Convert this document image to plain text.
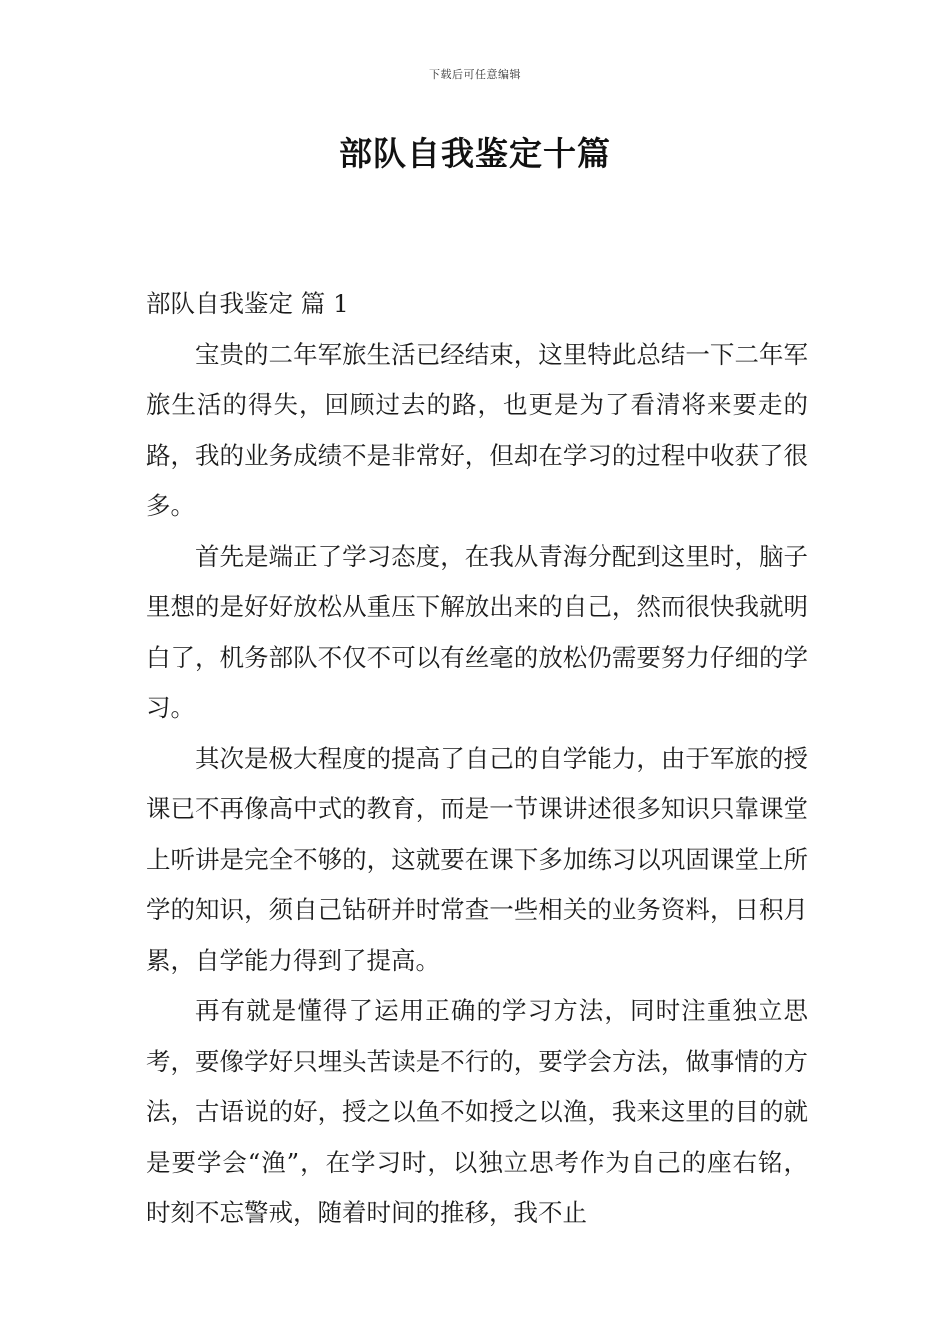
下载后可任意编辑
部队自我鉴定十篇

部队自我鉴定 篇 1

宝贵的二年军旅生活已经结束，这里特此总结一下二年军旅生活的得失，回顾过去的路，也更是为了看清将来要走的路，我的业务成绩不是非常好，但却在学习的过程中收获了很多。

首先是端正了学习态度，在我从青海分配到这里时，脑子里想的是好好放松从重压下解放出来的自己，然而很快我就明白了，机务部队不仅不可以有丝毫的放松仍需要努力仔细的学习。

其次是极大程度的提高了自己的自学能力，由于军旅的授课已不再像高中式的教育，而是一节课讲述很多知识只靠课堂上听讲是完全不够的，这就要在课下多加练习以巩固课堂上所学的知识，须自己钻研并时常查一些相关的业务资料，日积月累，自学能力得到了提高。

再有就是懂得了运用正确的学习方法，同时注重独立思考，要像学好只埋头苦读是不行的，要学会方法，做事情的方法，古语说的好，授之以鱼不如授之以渔，我来这里的目的就是要学会“渔”，在学习时，以独立思考作为自己的座右铭，时刻不忘警戒，随着时间的推移，我不止
